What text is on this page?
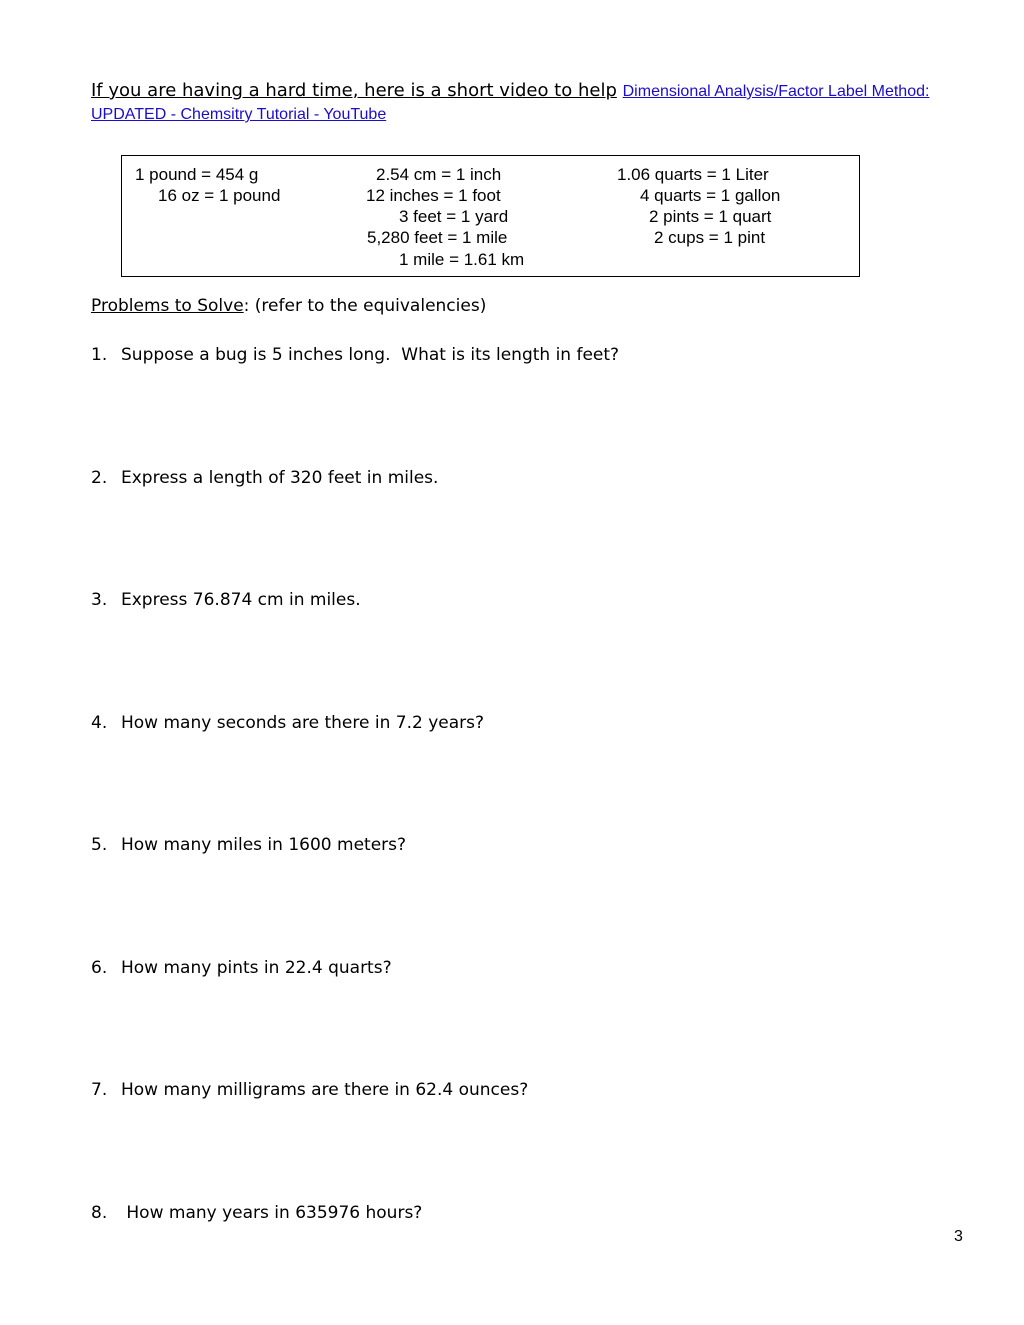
If you are having a hard time, here is a short video to help Dimensional Analysis/Factor Label Method: UPDATED - Chemsitry Tutorial - YouTube
1 pound = 454 g
16 oz = 1 pound
2.54 cm = 1 inch
12 inches = 1 foot
3 feet = 1 yard
5,280 feet = 1 mile
1 mile = 1.61 km
1.06 quarts = 1 Liter
4 quarts = 1 gallon
2 pints = 1 quart
2 cups = 1 pint
Problems to Solve: (refer to the equivalencies)
1. Suppose a bug is 5 inches long.  What is its length in feet?
2. Express a length of 320 feet in miles.
3. Express 76.874 cm in miles.
4. How many seconds are there in 7.2 years?
5. How many miles in 1600 meters?
6. How many pints in 22.4 quarts?
7. How many milligrams are there in 62.4 ounces?
8. How many years in 635976 hours?
3
